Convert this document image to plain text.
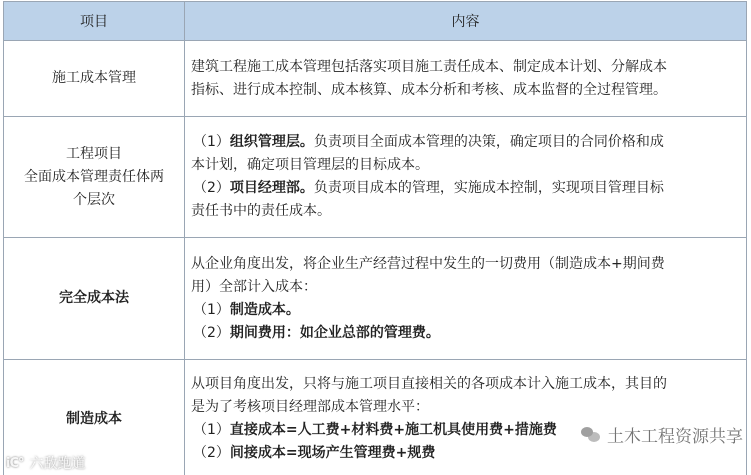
项目	内容

施工成本管理	建筑工程施工成本管理包括落实项目施工责任成本、制定成本计划、分解成本
指标、进行成本控制、成本核算、成本分析和考核、成本监督的全过程管理。

工程项目
全面成本管理责任体两
个层次	（1）组织管理层。负责项目全面成本管理的决策，确定项目的合同价格和成
本计划，确定项目管理层的目标成本。
（2）项目经理部。负责项目成本的管理，实施成本控制，实现项目管理目标
责任书中的责任成本。

完全成本法	从企业角度出发，将企业生产经营过程中发生的一切费用（制造成本+期间费
用）全部计入成本：
（1）制造成本。
（2）期间费用：如企业总部的管理费。

制造成本	从项目角度出发，只将与施工项目直接相关的各项成本计入施工成本，其目的
是为了考核项目经理部成本管理水平：
（1）直接成本=人工费+材料费+施工机具使用费+措施费
（2）间接成本=现场产生管理费+规费
土木工程资源共享
iC° 六敌跑道
